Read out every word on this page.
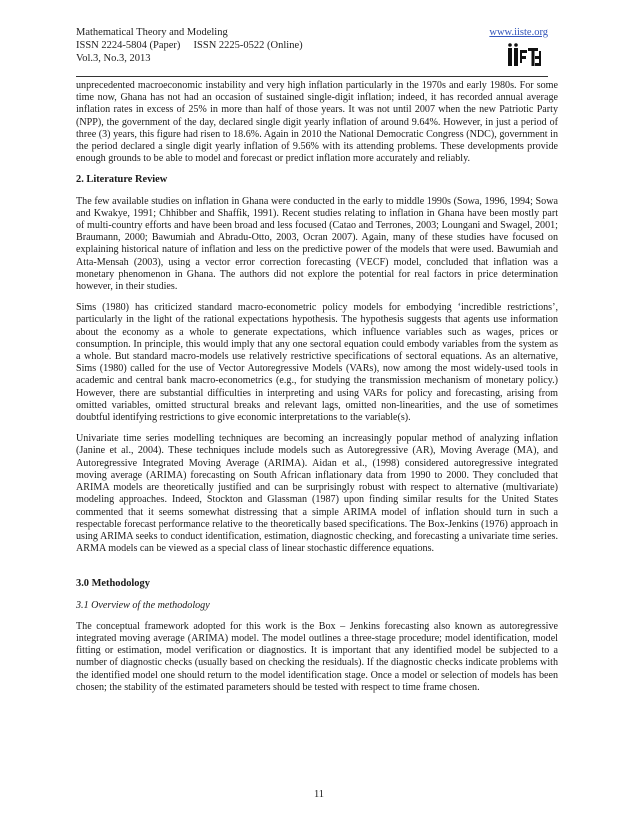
Mathematical Theory and Modeling
ISSN 2224-5804 (Paper)     ISSN 2225-0522 (Online)
Vol.3, No.3, 2013
www.iiste.org

unprecedented macroeconomic instability and very high inflation particularly in the 1970s and early 1980s. For some time now, Ghana has not had an occasion of sustained single-digit inflation; indeed, it has recorded annual average inflation rates in excess of 25% in more than half of those years. It was not until 2007 when the new Patriotic Party (NPP), the government of the day, declared single digit yearly inflation of around 9.64%. However, in just a period of three (3) years, this figure had risen to 18.6%. Again in 2010 the National Democratic Congress (NDC), government in the period declared a single digit yearly inflation of 9.56% with its attending problems. These developments provide enough grounds to be able to model and forecast or predict inflation more accurately and reliably.

2. Literature Review

The few available studies on inflation in Ghana were conducted in the early to middle 1990s (Sowa, 1996, 1994; Sowa and Kwakye, 1991; Chhibber and Shaffik, 1991). Recent studies relating to inflation in Ghana have been mostly part of multi-country efforts and have been broad and less focused (Catao and Terrones, 2003; Loungani and Swagel, 2001; Braumann, 2000; Bawumiah and Abradu-Otto, 2003, Ocran 2007). Again, many of these studies have focused on explaining historical nature of inflation and less on the predictive power of the models that were used. Bawumiah and Atta-Mensah (2003), using a vector error correction forecasting (VECF) model, concluded that inflation was a monetary phenomenon in Ghana. The authors did not explore the potential for real factors in price determination however, in their studies.

Sims (1980) has criticized standard macro-econometric policy models for embodying ‘incredible restrictions’, particularly in the light of the rational expectations hypothesis. The hypothesis suggests that agents use information about the economy as a whole to generate expectations, which influence variables such as wages, prices or consumption. In principle, this would imply that any one sectoral equation could embody variables from the system as a whole. But standard macro-models use relatively restrictive specifications of sectoral equations. As an alternative, Sims (1980) called for the use of Vector Autoregressive Models (VARs), now among the most widely-used tools in academic and central bank macro-econometrics (e.g., for studying the transmission mechanism of monetary policy.) However, there are substantial difficulties in interpreting and using VARs for policy and forecasting, arising from omitted variables, omitted structural breaks and relevant lags, omitted non-linearities, and the use of sometimes doubtful identifying restrictions to give economic interpretations to the variable(s).

Univariate time series modelling techniques are becoming an increasingly popular method of analyzing inflation (Janine et al., 2004). These techniques include models such as Autoregressive (AR), Moving Average (MA), and Autoregressive Integrated Moving Average (ARIMA). Aidan et al., (1998) considered autoregressive integrated moving average (ARIMA) forecasting on South African inflationary data from 1990 to 2000. They concluded that ARIMA models are theoretically justified and can be surprisingly robust with respect to alternative (multivariate) modeling approaches. Indeed, Stockton and Glassman (1987) upon finding similar results for the United States commented that it seems somewhat distressing that a simple ARIMA model of inflation should turn in such a respectable forecast performance relative to the theoretically based specifications. The Box-Jenkins (1976) approach in using ARIMA seeks to conduct identification, estimation, diagnostic checking, and forecasting a univariate time series. ARMA models can be viewed as a special class of linear stochastic difference equations.

3.0 Methodology
3.1 Overview of the methodology

The conceptual framework adopted for this work is the Box – Jenkins forecasting also known as autoregressive integrated moving average (ARIMA) model. The model outlines a three-stage procedure; model identification, model fitting or estimation, model verification or diagnostics. It is important that any identified model be subjected to a number of diagnostic checks (usually based on checking the residuals). If the diagnostic checks indicate problems with the identified model one should return to the model identification stage. Once a model or selection of models has been chosen; the stability of the estimated parameters should be tested with respect to time frame chosen.

11
